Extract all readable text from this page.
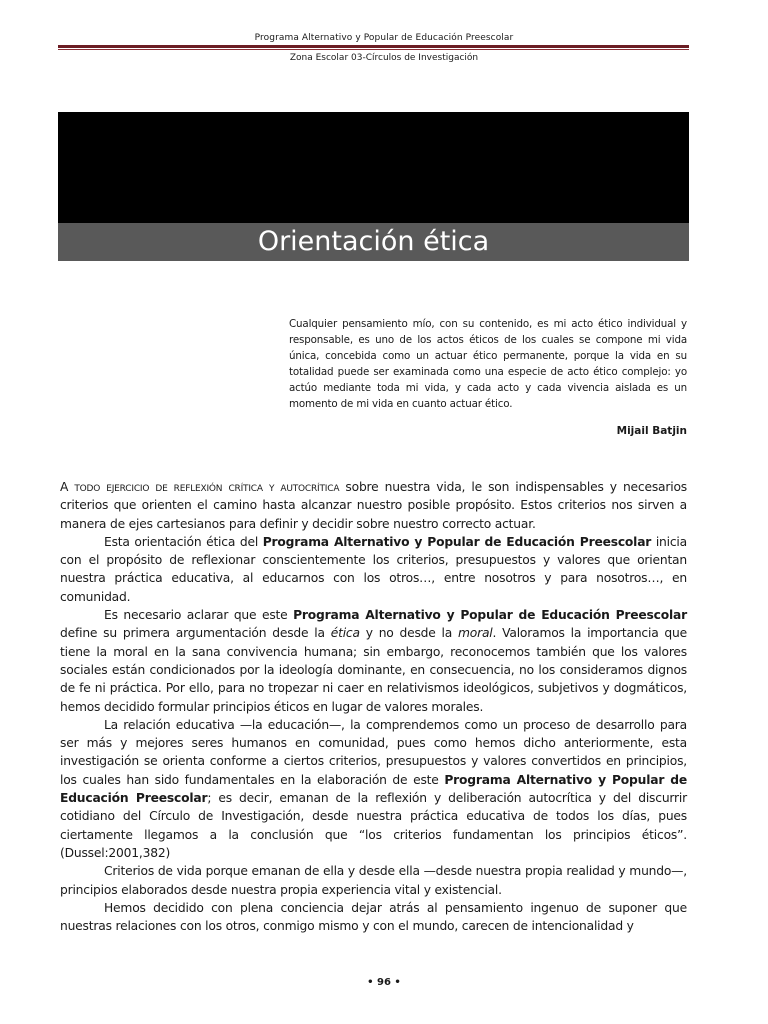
Programa Alternativo y Popular de Educación Preescolar
Zona Escolar 03-Círculos de Investigación
Orientación ética
Cualquier pensamiento mío, con su contenido, es mi acto ético individual y responsable, es uno de los actos éticos de los cuales se compone mi vida única, concebida como un actuar ético permanente, porque la vida en su totalidad puede ser examinada como una especie de acto ético complejo: yo actúo mediante toda mi vida, y cada acto y cada vivencia aislada es un momento de mi vida en cuanto actuar ético.
Mijail Batjin

A todo ejercicio de reflexión crítica y autocrítica sobre nuestra vida, le son indispensables y necesarios criterios que orienten el camino hasta alcanzar nuestro posible propósito. Estos criterios nos sirven a manera de ejes cartesianos para definir y decidir sobre nuestro correcto actuar.

Esta orientación ética del Programa Alternativo y Popular de Educación Preescolar inicia con el propósito de reflexionar conscientemente los criterios, presupuestos y valores que orientan nuestra práctica educativa, al educarnos con los otros…, entre nosotros y para nosotros…, en comunidad.

Es necesario aclarar que este Programa Alternativo y Popular de Educación Preescolar define su primera argumentación desde la ética y no desde la moral. Valoramos la importancia que tiene la moral en la sana convivencia humana; sin embargo, reconocemos también que los valores sociales están condicionados por la ideología dominante, en consecuencia, no los consideramos dignos de fe ni práctica. Por ello, para no tropezar ni caer en relativismos ideológicos, subjetivos y dogmáticos, hemos decidido formular principios éticos en lugar de valores morales.

La relación educativa —la educación—, la comprendemos como un proceso de desarrollo para ser más y mejores seres humanos en comunidad, pues como hemos dicho anteriormente, esta investigación se orienta conforme a ciertos criterios, presupuestos y valores convertidos en principios, los cuales han sido fundamentales en la elaboración de este Programa Alternativo y Popular de Educación Preescolar; es decir, emanan de la reflexión y deliberación autocrítica y del discurrir cotidiano del Círculo de Investigación, desde nuestra práctica educativa de todos los días, pues ciertamente llegamos a la conclusión que “los criterios fundamentan los principios éticos”. (Dussel:2001,382)

Criterios de vida porque emanan de ella y desde ella —desde nuestra propia realidad y mundo—, principios elaborados desde nuestra propia experiencia vital y existencial.

Hemos decidido con plena conciencia dejar atrás al pensamiento ingenuo de suponer que nuestras relaciones con los otros, conmigo mismo y con el mundo, carecen de intencionalidad y

• 96 •
